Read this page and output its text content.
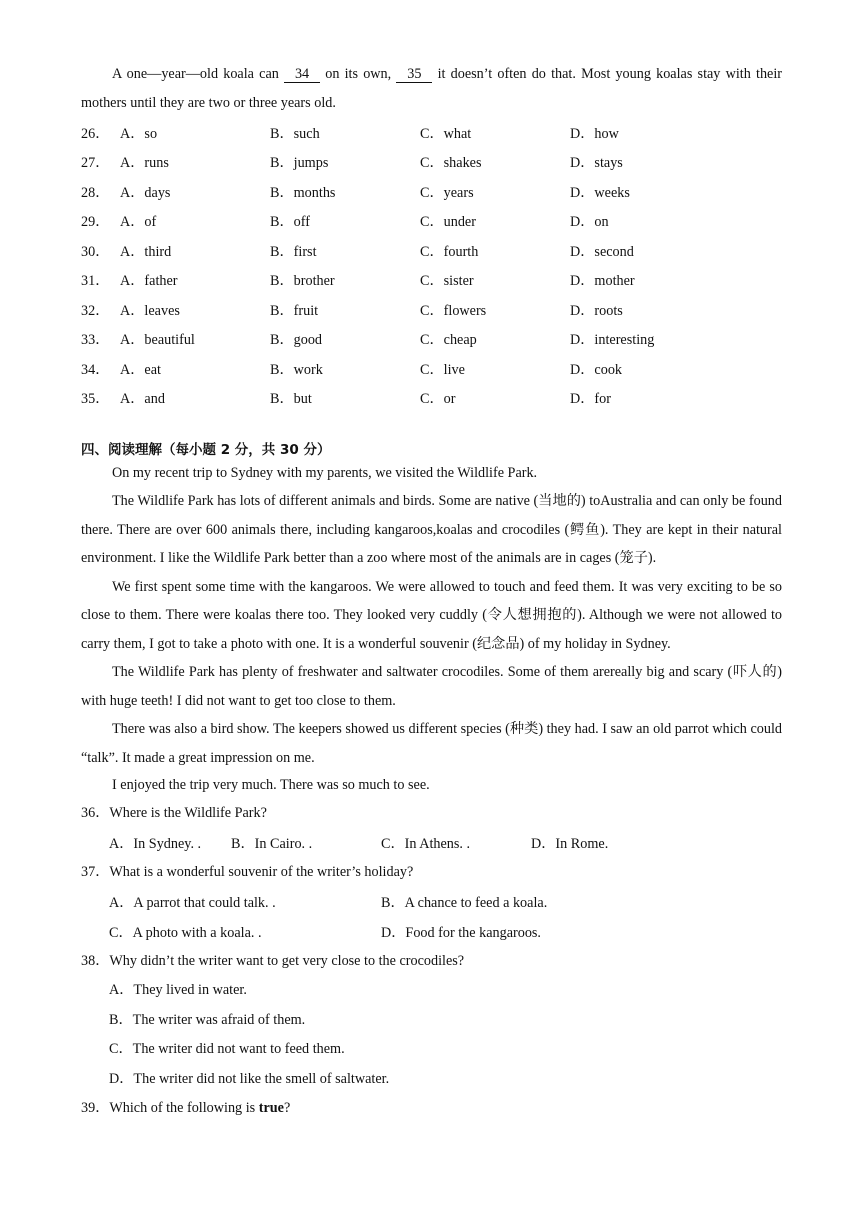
A one—year—old koala can 34 on its own, 35 it doesn’t often do that. Most young koalas stay with their mothers until they are two or three years old.

26． A．so	B．such	C．what	D．how
27． A．runs	B．jumps	C．shakes	D．stays
28． A．days	B．months	C．years	D．weeks
29． A．of	B．off	C．under	D．on
30． A．third	B．first	C．fourth	D．second
31． A．father	B．brother	C．sister	D．mother
32． A．leaves	B．fruit	C．flowers	D．roots
33． A．beautiful	B．good	C．cheap	D．interesting
34． A．eat	B．work	C．live	D．cook
35． A．and	B．but	C．or	D．for
四、阅读理解（每小题 2 分，共 30 分）

On my recent trip to Sydney with my parents, we visited the Wildlife Park.

The Wildlife Park has lots of different animals and birds. Some are native (当地的) toAustralia and can only be found there. There are over 600 animals there, including kangaroos,koalas and crocodiles (鳄鱼). They are kept in their natural environment. I like the Wildlife Park better than a zoo where most of the animals are in cages (笼子).

We first spent some time with the kangaroos. We were allowed to touch and feed them. It was very exciting to be so close to them. There were koalas there too. They looked very cuddly (令人想拥抱的). Although we were not allowed to carry them, I got to take a photo with one. It is a wonderful souvenir (纪念品) of my holiday in Sydney.

The Wildlife Park has plenty of freshwater and saltwater crocodiles. Some of them arereally big and scary (吓人的) with huge teeth! I did not want to get too close to them.

There was also a bird show. The keepers showed us different species (种类) they had. I saw an old parrot which could “talk”. It made a great impression on me.

I enjoyed the trip very much. There was so much to see.

36．Where is the Wildlife Park?
A．In Sydney. .	B．In Cairo. .	C．In Athens. .	D．In Rome.
37．What is a wonderful souvenir of the writer’s holiday?
A．A parrot that could talk. .	B．A chance to feed a koala.
C．A photo with a koala. .	D．Food for the kangaroos.
38．Why didn’t the writer want to get very close to the crocodiles?
A．They lived in water.
B．The writer was afraid of them.
C．The writer did not want to feed them.
D．The writer did not like the smell of saltwater.
39．Which of the following is true?
